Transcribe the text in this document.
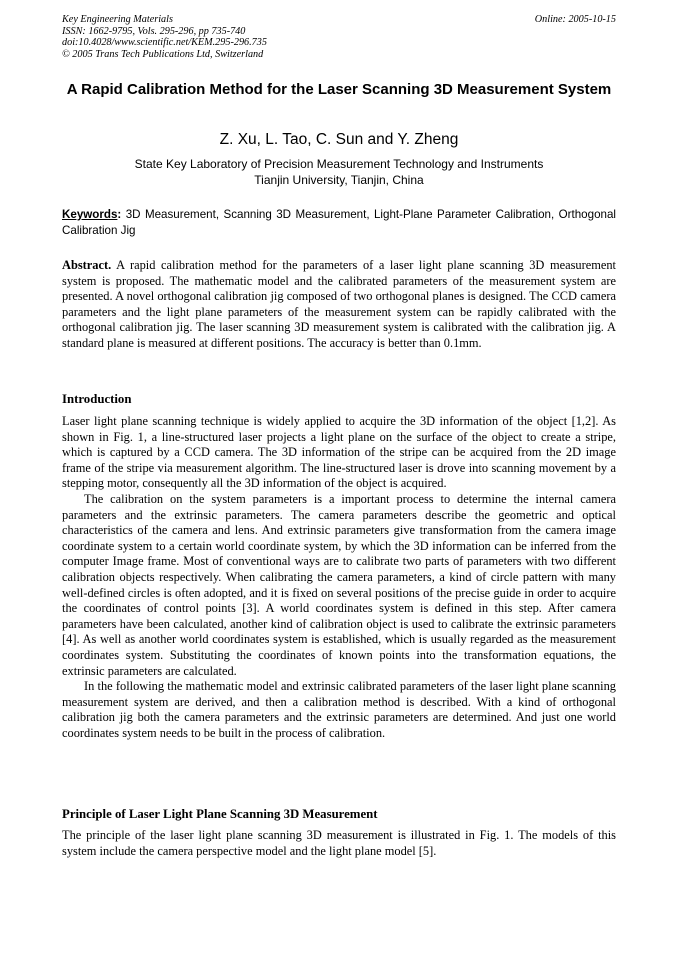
Key Engineering Materials
ISSN: 1662-9795, Vols. 295-296, pp 735-740
doi:10.4028/www.scientific.net/KEM.295-296.735
© 2005 Trans Tech Publications Ltd, Switzerland
Online: 2005-10-15
A Rapid Calibration Method for the Laser Scanning 3D Measurement System
Z. Xu, L. Tao, C. Sun and Y. Zheng
State Key Laboratory of Precision Measurement Technology and Instruments
Tianjin University, Tianjin, China
Keywords: 3D Measurement, Scanning 3D Measurement, Light-Plane Parameter Calibration, Orthogonal Calibration Jig
Abstract. A rapid calibration method for the parameters of a laser light plane scanning 3D measurement system is proposed. The mathematic model and the calibrated parameters of the measurement system are presented. A novel orthogonal calibration jig composed of two orthogonal planes is designed. The CCD camera parameters and the light plane parameters of the measurement system can be rapidly calibrated with the orthogonal calibration jig. The laser scanning 3D measurement system is calibrated with the calibration jig. A standard plane is measured at different positions. The accuracy is better than 0.1mm.
Introduction

Laser light plane scanning technique is widely applied to acquire the 3D information of the object [1,2]. As shown in Fig. 1, a line-structured laser projects a light plane on the surface of the object to create a stripe, which is captured by a CCD camera. The 3D information of the stripe can be acquired from the 2D image frame of the stripe via measurement algorithm. The line-structured laser is drove into scanning movement by a stepping motor, consequently all the 3D information of the object is acquired.

The calibration on the system parameters is a important process to determine the internal camera parameters and the extrinsic parameters. The camera parameters describe the geometric and optical characteristics of the camera and lens. And extrinsic parameters give transformation from the camera image coordinate system to a certain world coordinate system, by which the 3D information can be inferred from the computer Image frame. Most of conventional ways are to calibrate two parts of parameters with two different calibration objects respectively. When calibrating the camera parameters, a kind of circle pattern with many well-defined circles is often adopted, and it is fixed on several positions of the precise guide in order to acquire the coordinates of control points [3]. A world coordinates system is defined in this step. After camera parameters have been calculated, another kind of calibration object is used to calibrate the extrinsic parameters [4]. As well as another world coordinates system is established, which is usually regarded as the measurement coordinates system. Substituting the coordinates of known points into the transformation equations, the extrinsic parameters are calculated.

In the following the mathematic model and extrinsic calibrated parameters of the laser light plane scanning measurement system are derived, and then a calibration method is described. With a kind of orthogonal calibration jig both the camera parameters and the extrinsic parameters are determined. And just one world coordinates system needs to be built in the process of calibration.

Principle of Laser Light Plane Scanning 3D Measurement
The principle of the laser light plane scanning 3D measurement is illustrated in Fig. 1. The models of this system include the camera perspective model and the light plane model [5].
